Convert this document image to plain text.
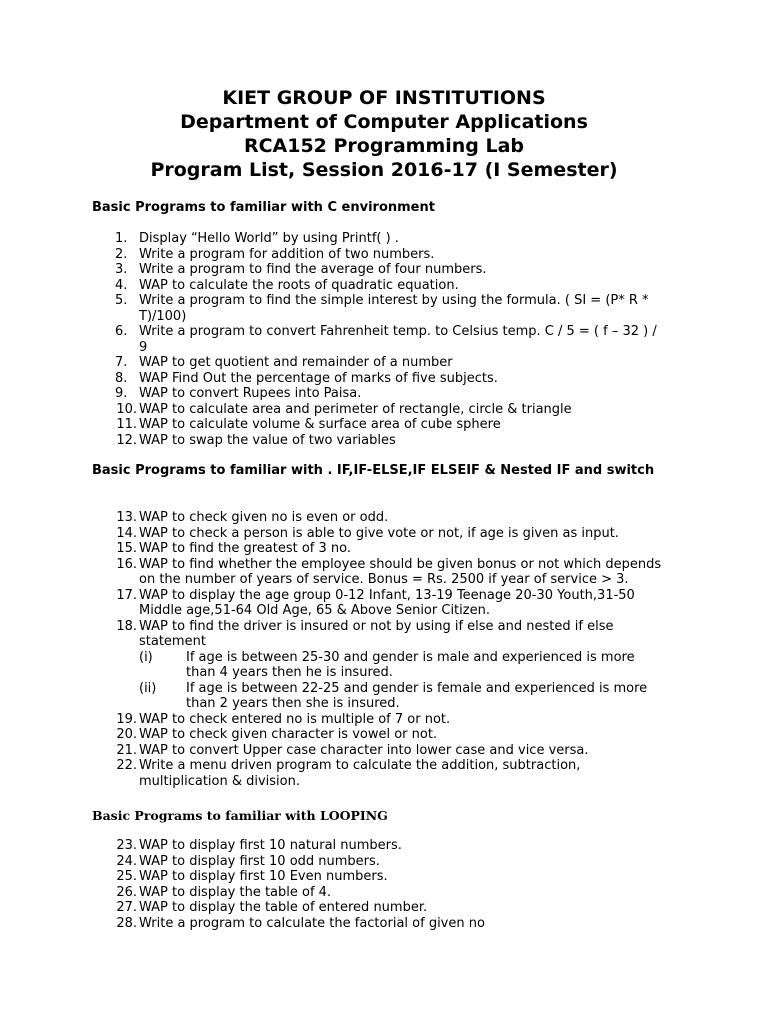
KIET GROUP OF INSTITUTIONS
Department of Computer Applications
RCA152 Programming Lab
Program List, Session 2016-17 (I Semester)
Basic Programs to familiar with C environment
1. Display “Hello World” by using Printf( ) .
2. Write a program for addition of two numbers.
3. Write a program to find the average of four numbers.
4. WAP to calculate the roots of quadratic equation.
5. Write a program to find the simple interest by using the formula. ( SI = (P* R * T)/100)
6. Write a program to convert Fahrenheit temp. to Celsius temp. C / 5 = ( f – 32 ) / 9
7. WAP to get quotient and remainder of a number
8. WAP Find Out the percentage of marks of five subjects.
9. WAP to convert Rupees into Paisa.
10. WAP to calculate area and perimeter of rectangle, circle & triangle
11. WAP to calculate volume & surface area of cube sphere
12. WAP to swap the value of two variables
Basic Programs to familiar with . IF,IF-ELSE,IF ELSEIF & Nested IF and switch
13. WAP to check given no is even or odd.
14. WAP to check a person is able to give vote or not, if age is given as input.
15. WAP to find the greatest of 3 no.
16. WAP to find whether the employee should be given bonus or not which depends on the number of years of service. Bonus = Rs. 2500 if year of service > 3.
17. WAP to display the age group 0-12 Infant, 13-19 Teenage 20-30 Youth,31-50 Middle age,51-64 Old Age, 65 & Above Senior Citizen.
18. WAP to find the driver is insured or not by using if else and nested if else statement
(i)	If age is between 25-30 and gender is male and experienced is more than 4 years then he is insured.
(ii) If age is between 22-25 and gender is female and experienced is more than 2 years then she is insured.
19. WAP to check entered no is multiple of 7 or not.
20. WAP to check given character is vowel or not.
21. WAP to convert Upper case character into lower case and vice versa.
22. Write a menu driven program to calculate the addition, subtraction, multiplication & division.
Basic Programs to familiar with LOOPING
23. WAP to display first 10 natural numbers.
24. WAP to display first 10 odd numbers.
25. WAP to display first 10 Even numbers.
26. WAP to display the table of 4.
27. WAP to display the table of entered number.
28. Write a program to calculate the factorial of given no
